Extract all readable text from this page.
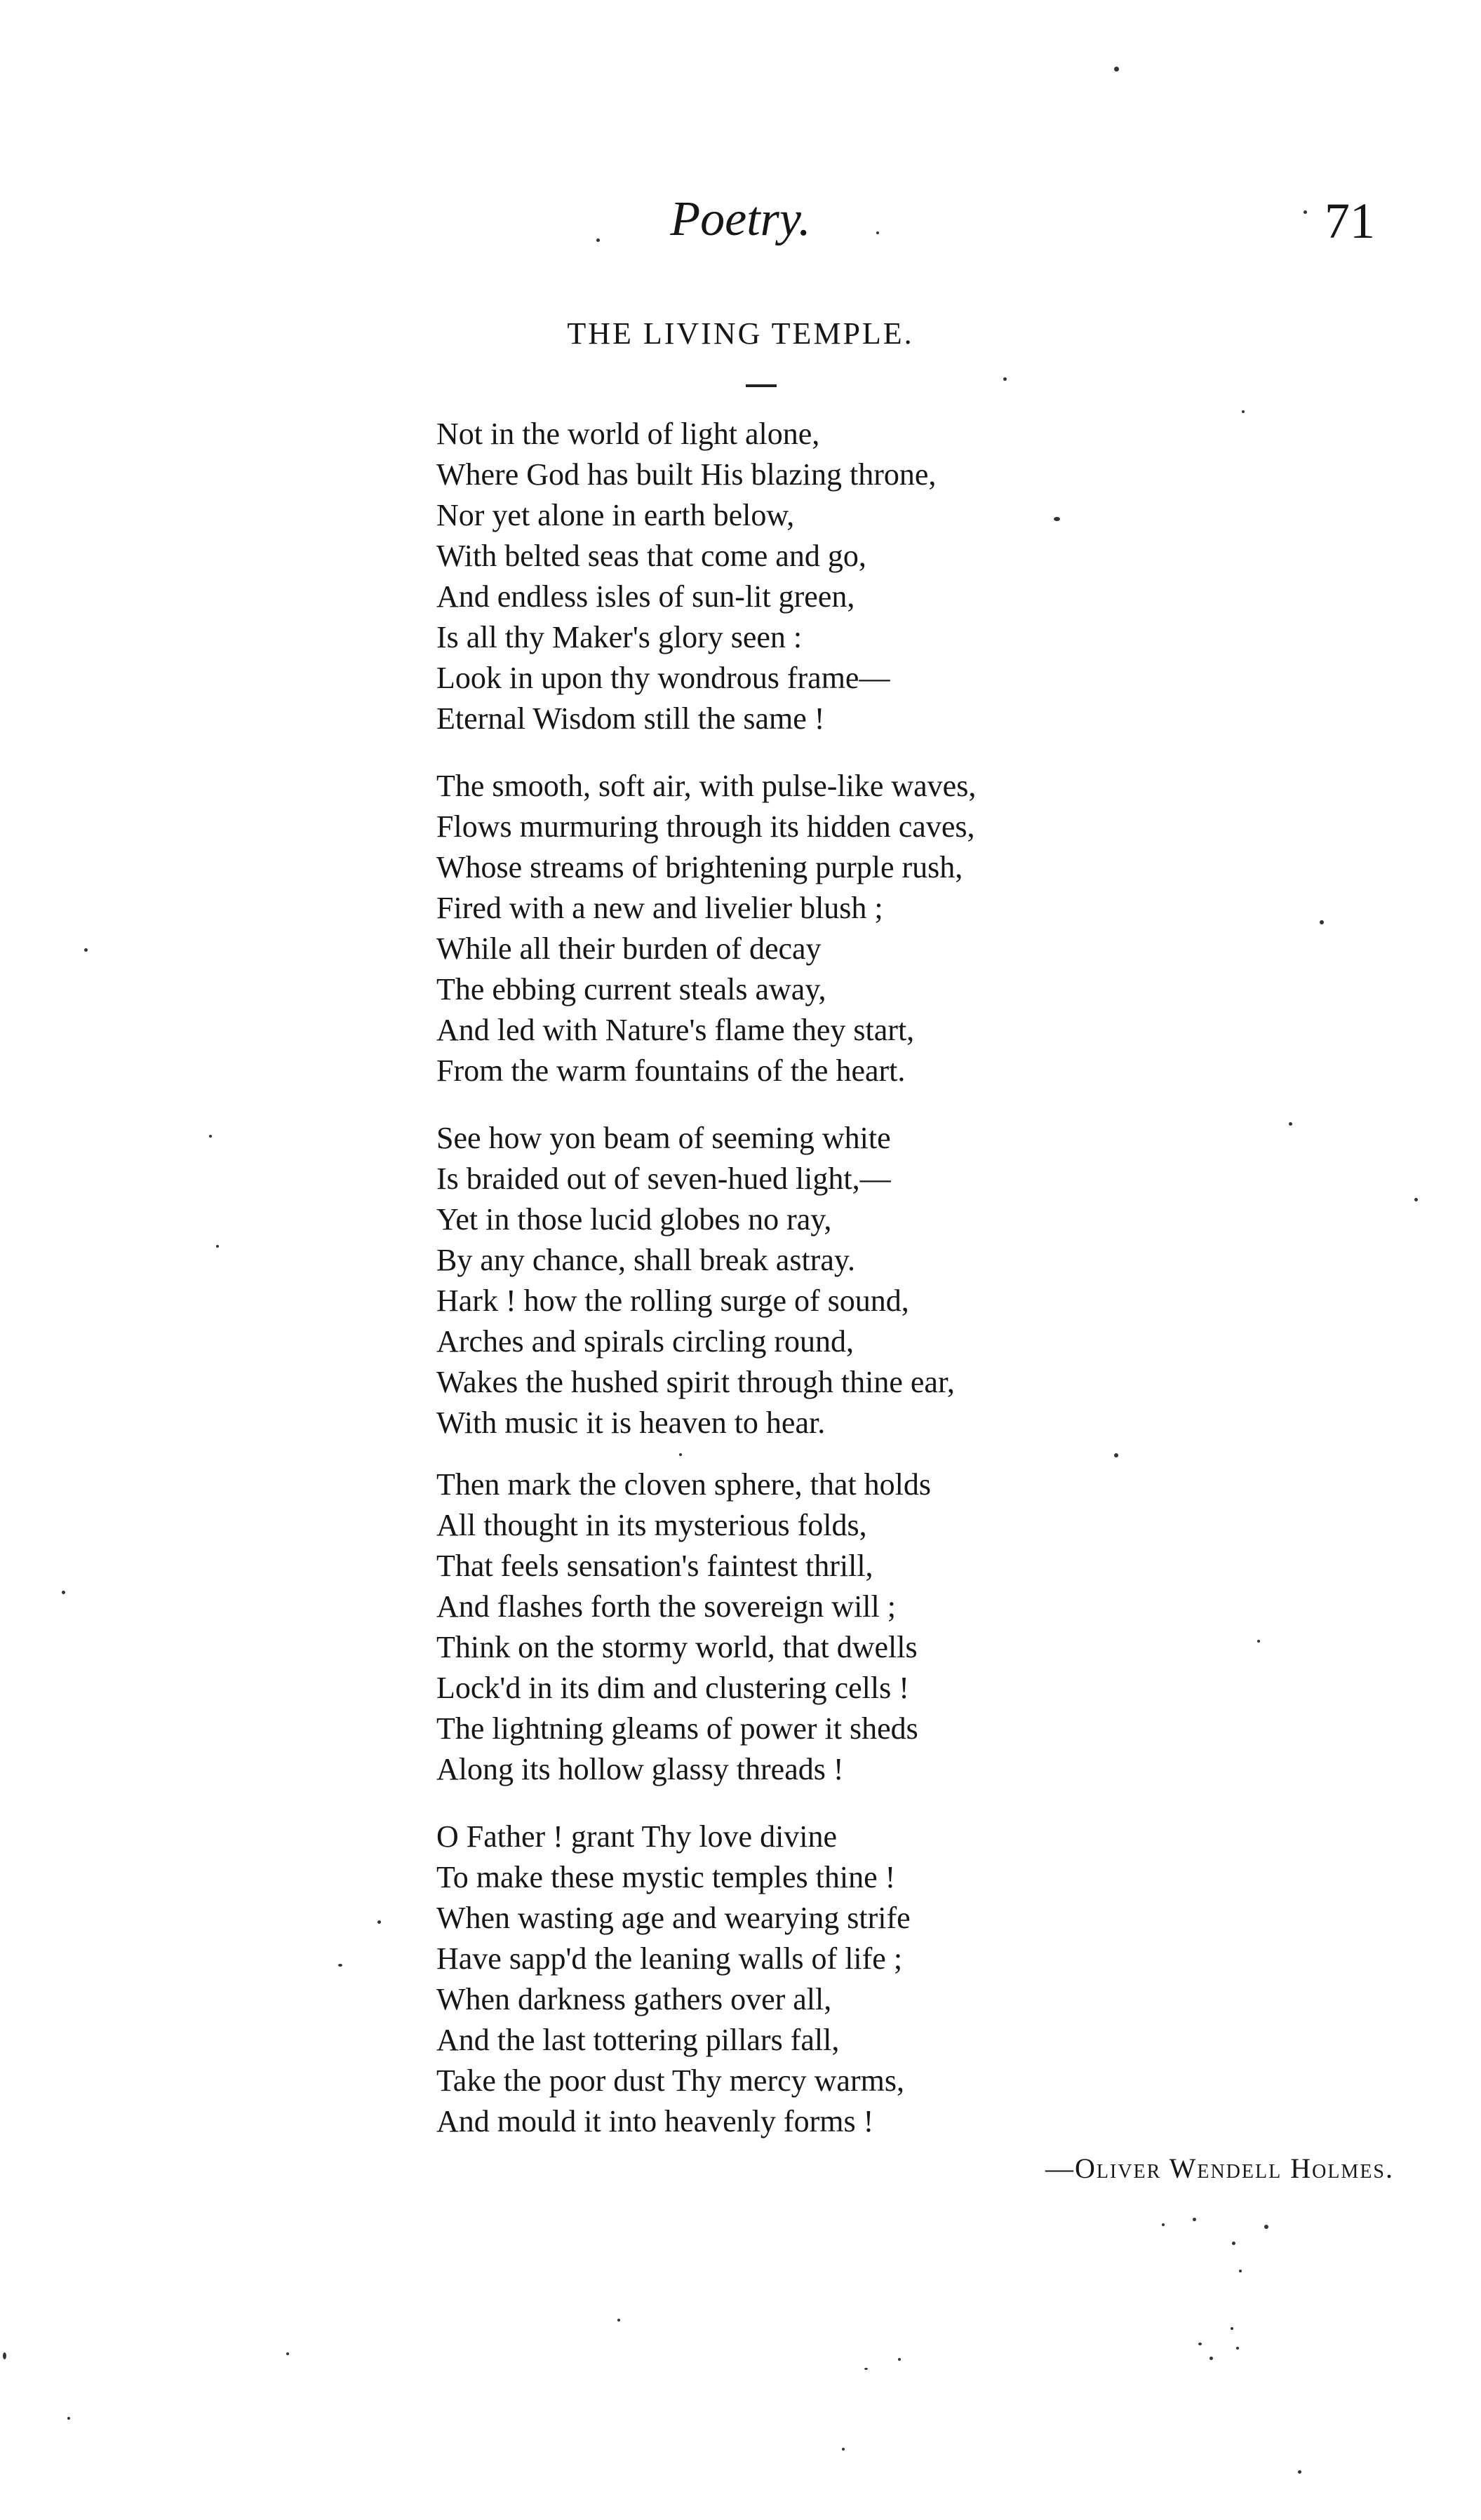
Poetry.	71
THE LIVING TEMPLE.
Not in the world of light alone,
Where God has built His blazing throne,
Nor yet alone in earth below,
With belted seas that come and go,
And endless isles of sun-lit green,
Is all thy Maker's glory seen :
Look in upon thy wondrous frame—
Eternal Wisdom still the same !
The smooth, soft air, with pulse-like waves,
Flows murmuring through its hidden caves,
Whose streams of brightening purple rush,
Fired with a new and livelier blush ;
While all their burden of decay
The ebbing current steals away,
And led with Nature's flame they start,
From the warm fountains of the heart.
See how yon beam of seeming white
Is braided out of seven-hued light,—
Yet in those lucid globes no ray,
By any chance, shall break astray.
Hark ! how the rolling surge of sound,
Arches and spirals circling round,
Wakes the hushed spirit through thine ear,
With music it is heaven to hear.
Then mark the cloven sphere, that holds
All thought in its mysterious folds,
That feels sensation's faintest thrill,
And flashes forth the sovereign will ;
Think on the stormy world, that dwells
Lock'd in its dim and clustering cells !
The lightning gleams of power it sheds
Along its hollow glassy threads !
O Father ! grant Thy love divine
To make these mystic temples thine !
When wasting age and wearying strife
Have sapp'd the leaning walls of life ;
When darkness gathers over all,
And the last tottering pillars fall,
Take the poor dust Thy mercy warms,
And mould it into heavenly forms !
—Oliver Wendell Holmes.
